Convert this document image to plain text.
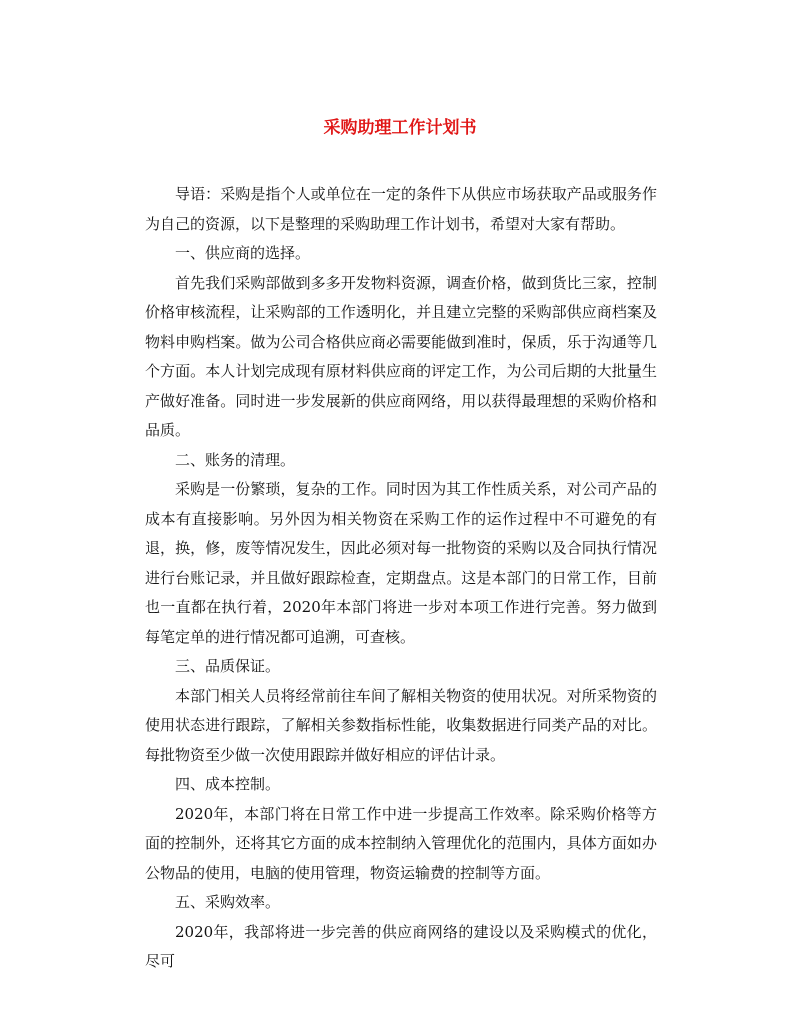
采购助理工作计划书

导语：采购是指个人或单位在一定的条件下从供应市场获取产品或服务作为自己的资源，以下是整理的采购助理工作计划书，希望对大家有帮助。

一、供应商的选择。

首先我们采购部做到多多开发物料资源，调查价格，做到货比三家，控制价格审核流程，让采购部的工作透明化，并且建立完整的采购部供应商档案及物料申购档案。做为公司合格供应商必需要能做到准时，保质，乐于沟通等几个方面。本人计划完成现有原材料供应商的评定工作，为公司后期的大批量生产做好准备。同时进一步发展新的供应商网络，用以获得最理想的采购价格和品质。

二、账务的清理。

采购是一份繁琐，复杂的工作。同时因为其工作性质关系，对公司产品的成本有直接影响。另外因为相关物资在采购工作的运作过程中不可避免的有退，换，修，废等情况发生，因此必须对每一批物资的采购以及合同执行情况进行台账记录，并且做好跟踪检查，定期盘点。这是本部门的日常工作，目前也一直都在执行着，2020年本部门将进一步对本项工作进行完善。努力做到每笔定单的进行情况都可追溯，可查核。

三、品质保证。

本部门相关人员将经常前往车间了解相关物资的使用状况。对所采物资的使用状态进行跟踪，了解相关参数指标性能，收集数据进行同类产品的对比。每批物资至少做一次使用跟踪并做好相应的评估计录。

四、成本控制。

2020年，本部门将在日常工作中进一步提高工作效率。除采购价格等方面的控制外，还将其它方面的成本控制纳入管理优化的范围内，具体方面如办公物品的使用，电脑的使用管理，物资运输费的控制等方面。

五、采购效率。

2020年，我部将进一步完善的供应商网络的建设以及采购模式的优化，尽可
